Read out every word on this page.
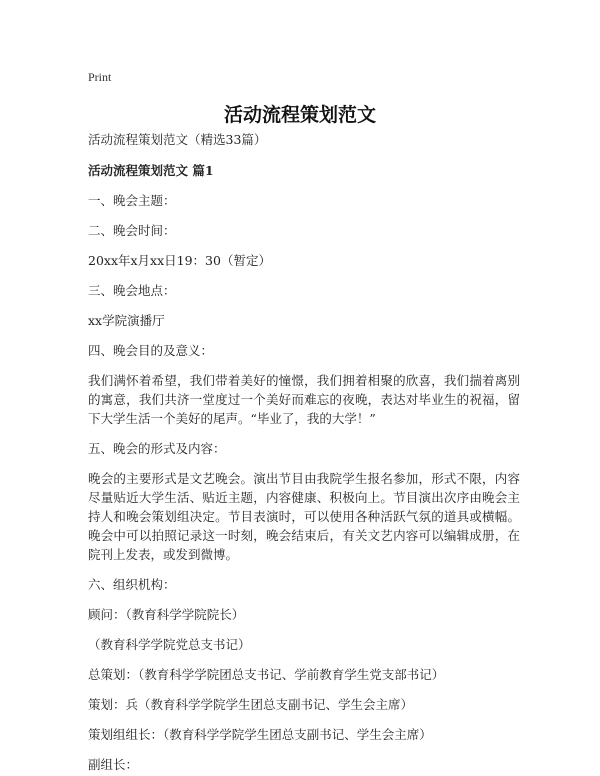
Print
活动流程策划范文

活动流程策划范文（精选33篇）

活动流程策划范文 篇1

一、晚会主题：

二、晚会时间：

20xx年x月xx日19：30（暂定）

三、晚会地点：

xx学院演播厅

四、晚会目的及意义：

我们满怀着希望，我们带着美好的憧憬，我们拥着相聚的欣喜，我们揣着离别的寓意，我们共济一堂度过一个美好而难忘的夜晚，表达对毕业生的祝福，留下大学生活一个美好的尾声。“毕业了，我的大学！”

五、晚会的形式及内容：

晚会的主要形式是文艺晚会。演出节目由我院学生报名参加，形式不限，内容尽量贴近大学生活、贴近主题，内容健康、积极向上。节目演出次序由晚会主持人和晚会策划组决定。节目表演时，可以使用各种活跃气氛的道具或横幅。晚会中可以拍照记录这一时刻，晚会结束后，有关文艺内容可以编辑成册，在院刊上发表，或发到微博。

六、组织机构：

顾问：（教育科学学院院长）

（教育科学学院党总支书记）

总策划：（教育科学学院团总支书记、学前教育学生党支部书记）

策划：兵（教育科学学院学生团总支副书记、学生会主席）

策划组组长：（教育科学学院学生团总支副书记、学生会主席）

副组长：
